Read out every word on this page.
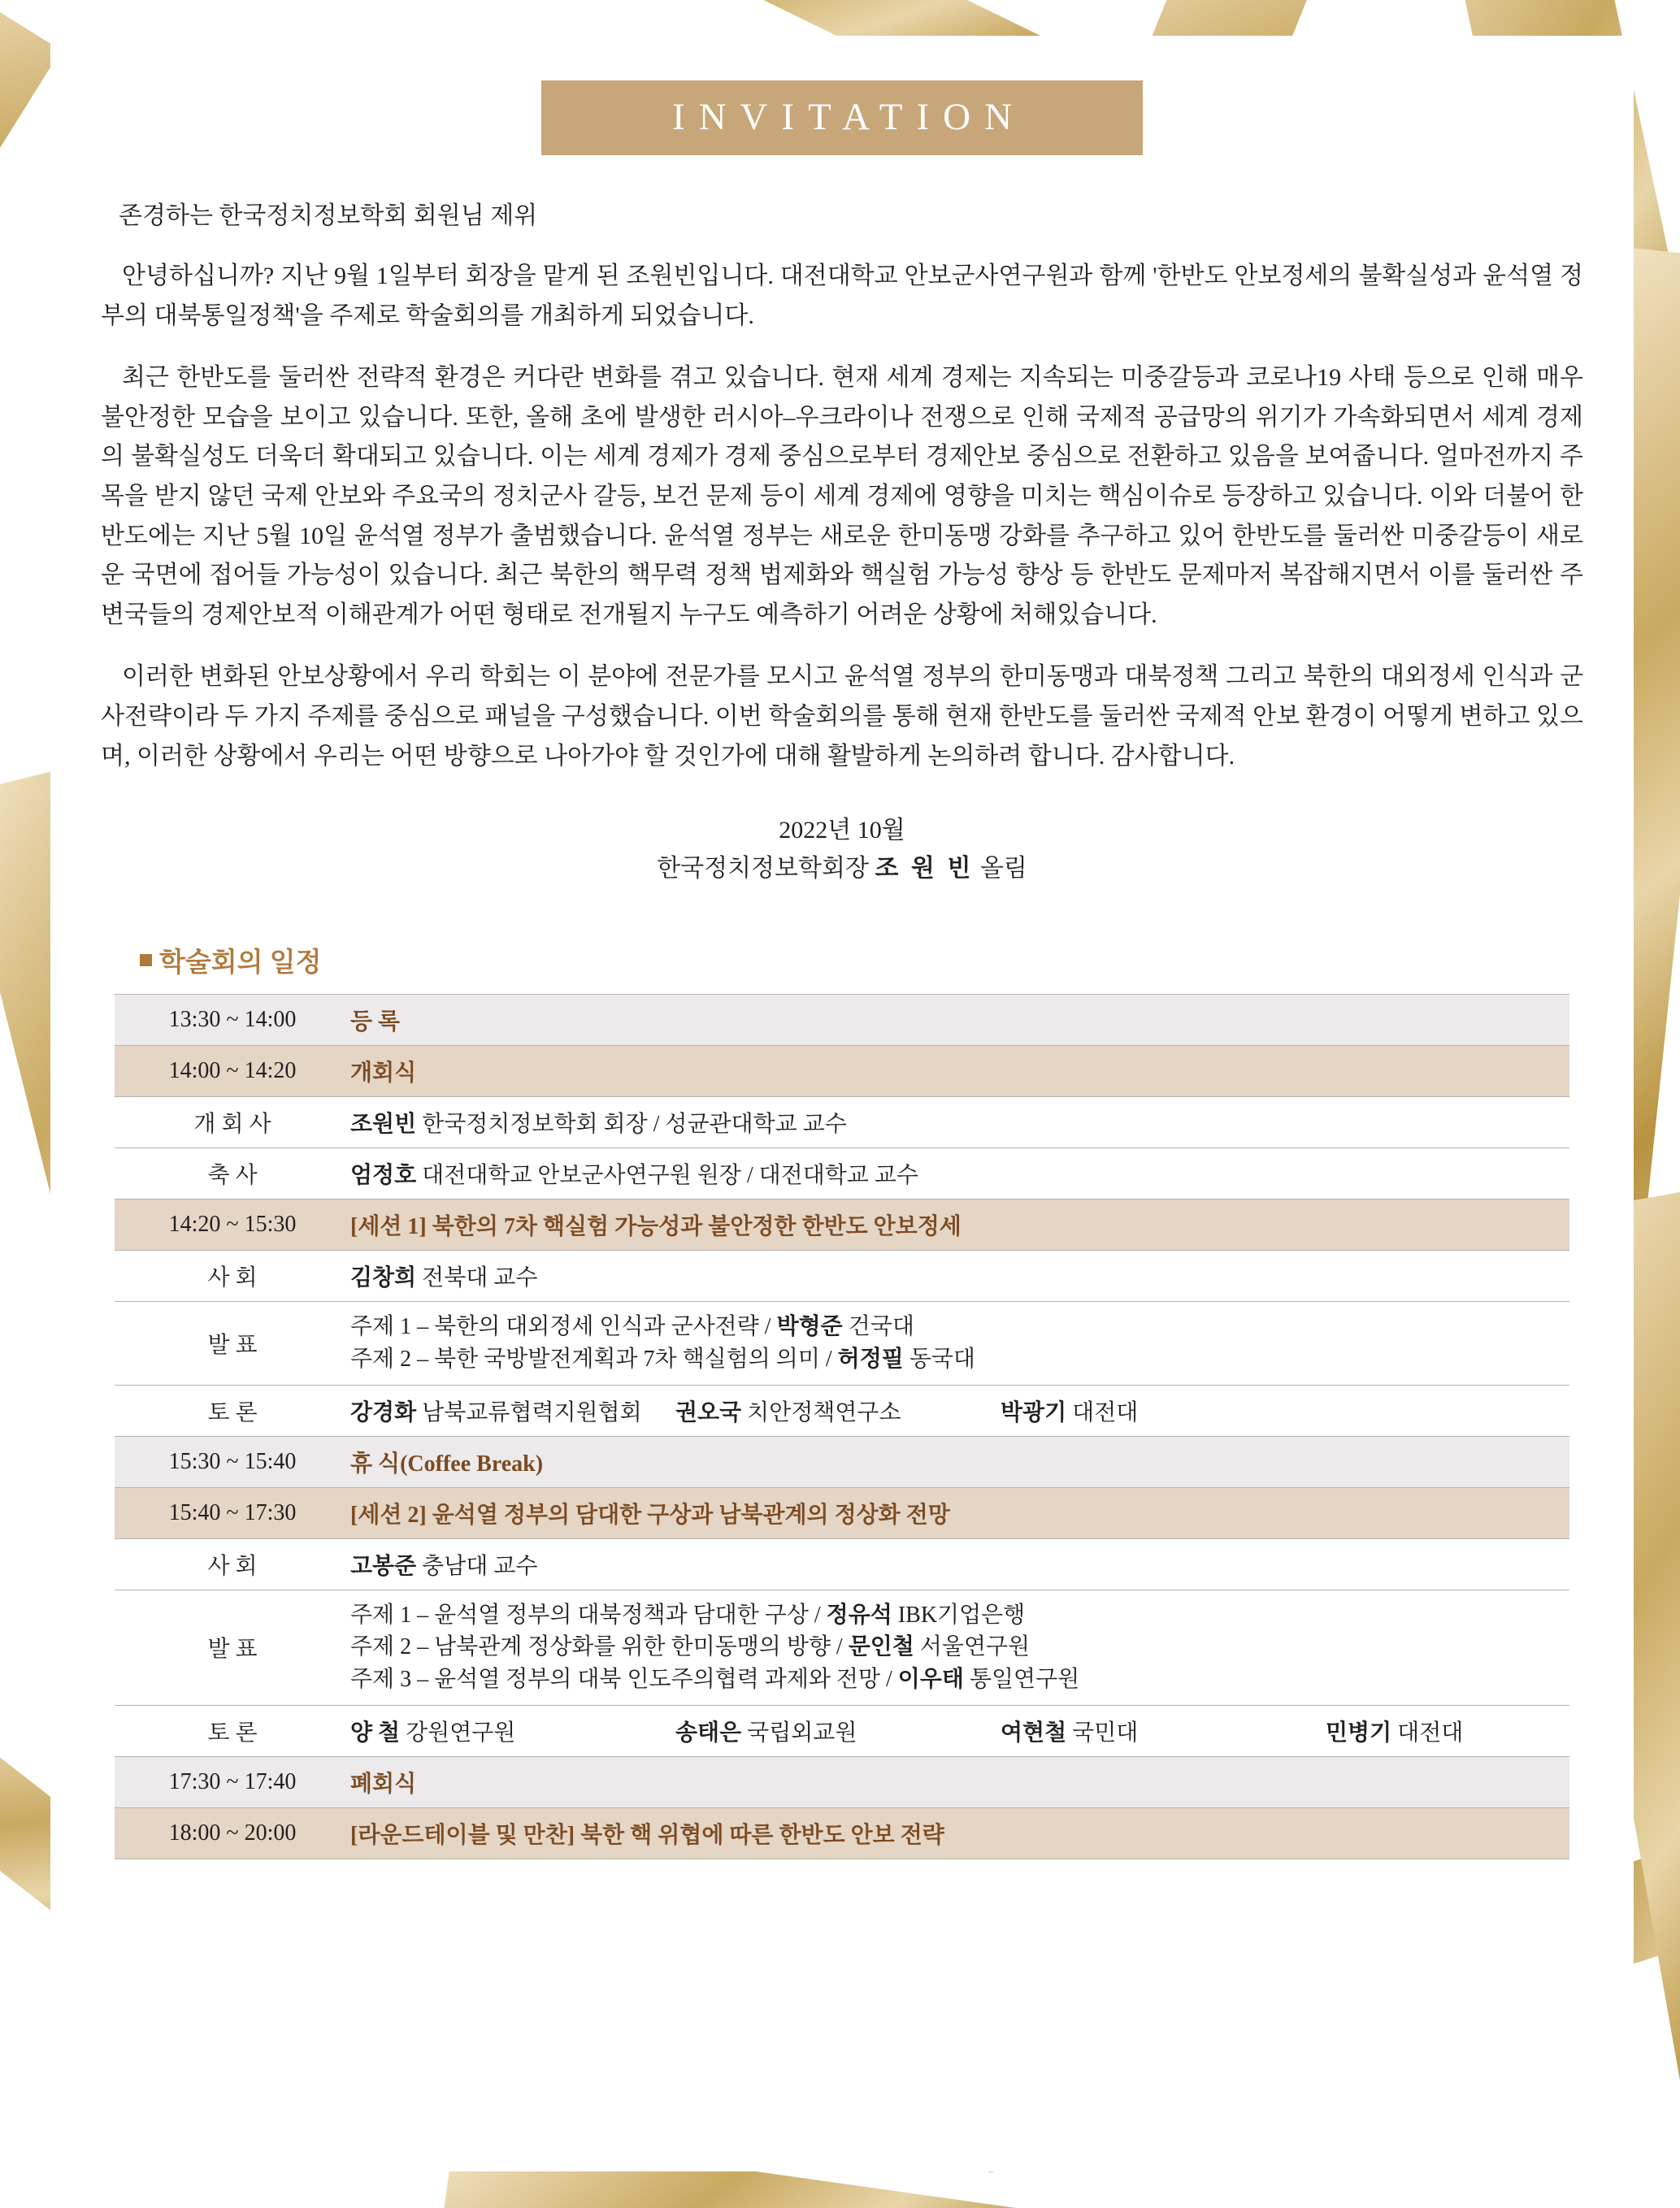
INVITATION
존경하는 한국정치정보학회 회원님 제위

안녕하십니까? 지난 9월 1일부터 회장을 맡게 된 조원빈입니다. 대전대학교 안보군사연구원과 함께 '한반도 안보정세의 불확실성과 윤석열 정부의 대북통일정책'을 주제로 학술회의를 개최하게 되었습니다.

최근 한반도를 둘러싼 전략적 환경은 커다란 변화를 겪고 있습니다. 현재 세계 경제는 지속되는 미중갈등과 코로나19 사태 등으로 인해 매우 불안정한 모습을 보이고 있습니다. 또한, 올해 초에 발생한 러시아–우크라이나 전쟁으로 인해 국제적 공급망의 위기가 가속화되면서 세계 경제의 불확실성도 더욱더 확대되고 있습니다. 이는 세계 경제가 경제 중심으로부터 경제안보 중심으로 전환하고 있음을 보여줍니다. 얼마전까지 주목을 받지 않던 국제 안보와 주요국의 정치군사 갈등, 보건 문제 등이 세계 경제에 영향을 미치는 핵심이슈로 등장하고 있습니다. 이와 더불어 한반도에는 지난 5월 10일 윤석열 정부가 출범했습니다. 윤석열 정부는 새로운 한미동맹 강화를 추구하고 있어 한반도를 둘러싼 미중갈등이 새로운 국면에 접어들 가능성이 있습니다. 최근 북한의 핵무력 정책 법제화와 핵실험 가능성 향상 등 한반도 문제마저 복잡해지면서 이를 둘러싼 주변국들의 경제안보적 이해관계가 어떤 형태로 전개될지 누구도 예측하기 어려운 상황에 처해있습니다.

이러한 변화된 안보상황에서 우리 학회는 이 분야에 전문가를 모시고 윤석열 정부의 한미동맹과 대북정책 그리고 북한의 대외정세 인식과 군사전략이라 두 가지 주제를 중심으로 패널을 구성했습니다. 이번 학술회의를 통해 현재 한반도를 둘러싼 국제적 안보 환경이 어떻게 변하고 있으며, 이러한 상황에서 우리는 어떤 방향으로 나아가야 할 것인가에 대해 활발하게 논의하려 합니다. 감사합니다.

2022년 10월
한국정치정보학회장 조 원 빈 올림
학술회의 일정
13:30 ~ 14:00	등 록
14:00 ~ 14:20	개회식
개 회 사	조원빈 한국정치정보학회 회장 / 성균관대학교 교수
축 사	엄정호 대전대학교 안보군사연구원 원장 / 대전대학교 교수
14:20 ~ 15:30	[세션 1] 북한의 7차 핵실험 가능성과 불안정한 한반도 안보정세
사 회	김창희 전북대 교수
발 표	주제 1 – 북한의 대외정세 인식과 군사전략 / 박형준 건국대
주제 2 – 북한 국방발전계획과 7차 핵실험의 의미 / 허정필 동국대

토 론	강경화 남북교류협력지원협회 권오국 치안정책연구소 박광기 대전대

15:30 ~ 15:40	휴 식(Coffee Break)
15:40 ~ 17:30	[세션 2] 윤석열 정부의 담대한 구상과 남북관계의 정상화 전망
사 회	고봉준 충남대 교수
발 표	주제 1 – 윤석열 정부의 대북정책과 담대한 구상 / 정유석 IBK기업은행
주제 2 – 남북관계 정상화를 위한 한미동맹의 방향 / 문인철 서울연구원
주제 3 – 윤석열 정부의 대북 인도주의협력 과제와 전망 / 이우태 통일연구원

토 론	양 철 강원연구원 송태은 국립외교원 여현철 국민대 민병기 대전대

17:30 ~ 17:40	폐회식
18:00 ~ 20:00	[라운드테이블 및 만찬] 북한 핵 위협에 따른 한반도 안보 전략
